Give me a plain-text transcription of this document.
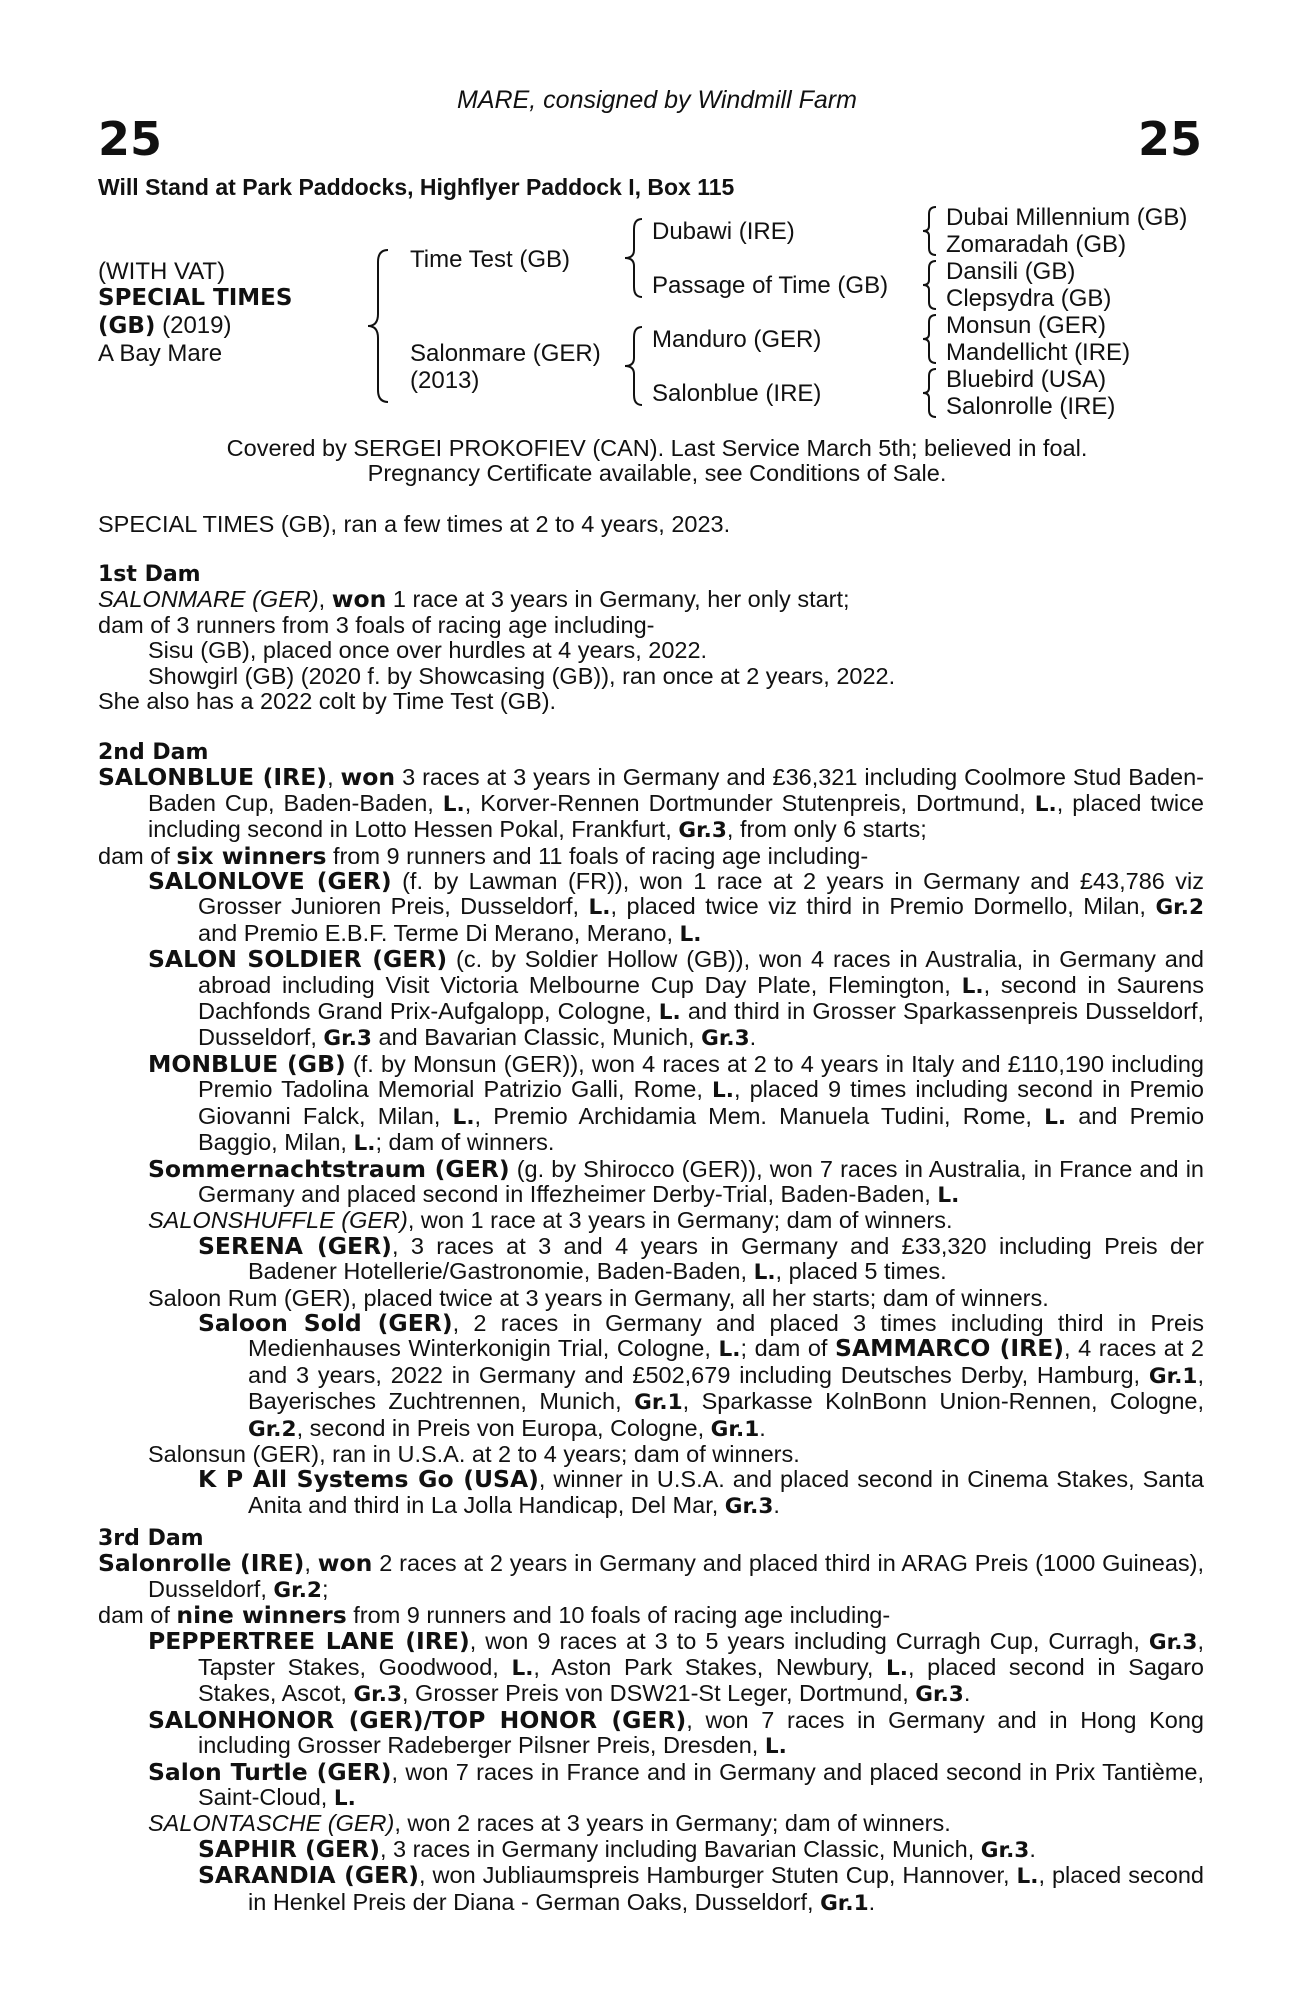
MARE, consigned by Windmill Farm
25	25
Will Stand at Park Paddocks, Highflyer Paddock I, Box 115
(WITH VAT)
SPECIAL TIMES
(GB) (2019)
A Bay Mare
Time Test (GB)
Salonmare (GER)
(2013)
Dubawi (IRE)
Passage of Time (GB)
Manduro (GER)
Salonblue (IRE)
Dubai Millennium (GB)
Zomaradah (GB)
Dansili (GB)
Clepsydra (GB)
Monsun (GER)
Mandellicht (IRE)
Bluebird (USA)
Salonrolle (IRE)
Covered by SERGEI PROKOFIEV (CAN). Last Service March 5th; believed in foal.
Pregnancy Certificate available, see Conditions of Sale.
SPECIAL TIMES (GB), ran a few times at 2 to 4 years, 2023.

1st Dam

SALONMARE (GER), won 1 race at 3 years in Germany, her only start;

dam of 3 runners from 3 foals of racing age including-

Sisu (GB), placed once over hurdles at 4 years, 2022.

Showgirl (GB) (2020 f. by Showcasing (GB)), ran once at 2 years, 2022.

She also has a 2022 colt by Time Test (GB).

2nd Dam

SALONBLUE (IRE), won 3 races at 3 years in Germany and £36,321 including Coolmore Stud Baden-Baden Cup, Baden-Baden, L., Korver-Rennen Dortmunder Stutenpreis, Dortmund, L., placed twice including second in Lotto Hessen Pokal, Frankfurt, Gr.3, from only 6 starts;

dam of six winners from 9 runners and 11 foals of racing age including-

SALONLOVE (GER) (f. by Lawman (FR)), won 1 race at 2 years in Germany and £43,786 viz Grosser Junioren Preis, Dusseldorf, L., placed twice viz third in Premio Dormello, Milan, Gr.2 and Premio E.B.F. Terme Di Merano, Merano, L.

SALON SOLDIER (GER) (c. by Soldier Hollow (GB)), won 4 races in Australia, in Germany and abroad including Visit Victoria Melbourne Cup Day Plate, Flemington, L., second in Saurens Dachfonds Grand Prix-Aufgalopp, Cologne, L. and third in Grosser Sparkassenpreis Dusseldorf, Dusseldorf, Gr.3 and Bavarian Classic, Munich, Gr.3.

MONBLUE (GB) (f. by Monsun (GER)), won 4 races at 2 to 4 years in Italy and £110,190 including Premio Tadolina Memorial Patrizio Galli, Rome, L., placed 9 times including second in Premio Giovanni Falck, Milan, L., Premio Archidamia Mem. Manuela Tudini, Rome, L. and Premio Baggio, Milan, L.; dam of winners.

Sommernachtstraum (GER) (g. by Shirocco (GER)), won 7 races in Australia, in France and in Germany and placed second in Iffezheimer Derby-Trial, Baden-Baden, L.

SALONSHUFFLE (GER), won 1 race at 3 years in Germany; dam of winners.

SERENA (GER), 3 races at 3 and 4 years in Germany and £33,320 including Preis der Badener Hotellerie/Gastronomie, Baden-Baden, L., placed 5 times.

Saloon Rum (GER), placed twice at 3 years in Germany, all her starts; dam of winners.

Saloon Sold (GER), 2 races in Germany and placed 3 times including third in Preis Medienhauses Winterkonigin Trial, Cologne, L.; dam of SAMMARCO (IRE), 4 races at 2 and 3 years, 2022 in Germany and £502,679 including Deutsches Derby, Hamburg, Gr.1, Bayerisches Zuchtrennen, Munich, Gr.1, Sparkasse KolnBonn Union-Rennen, Cologne, Gr.2, second in Preis von Europa, Cologne, Gr.1.

Salonsun (GER), ran in U.S.A. at 2 to 4 years; dam of winners.

K P All Systems Go (USA), winner in U.S.A. and placed second in Cinema Stakes, Santa Anita and third in La Jolla Handicap, Del Mar, Gr.3.

3rd Dam

Salonrolle (IRE), won 2 races at 2 years in Germany and placed third in ARAG Preis (1000 Guineas), Dusseldorf, Gr.2;

dam of nine winners from 9 runners and 10 foals of racing age including-

PEPPERTREE LANE (IRE), won 9 races at 3 to 5 years including Curragh Cup, Curragh, Gr.3, Tapster Stakes, Goodwood, L., Aston Park Stakes, Newbury, L., placed second in Sagaro Stakes, Ascot, Gr.3, Grosser Preis von DSW21-St Leger, Dortmund, Gr.3.

SALONHONOR (GER)/TOP HONOR (GER), won 7 races in Germany and in Hong Kong including Grosser Radeberger Pilsner Preis, Dresden, L.

Salon Turtle (GER), won 7 races in France and in Germany and placed second in Prix Tantième, Saint-Cloud, L.

SALONTASCHE (GER), won 2 races at 3 years in Germany; dam of winners.

SAPHIR (GER), 3 races in Germany including Bavarian Classic, Munich, Gr.3.

SARANDIA (GER), won Jubliaumspreis Hamburger Stuten Cup, Hannover, L., placed second in Henkel Preis der Diana - German Oaks, Dusseldorf, Gr.1.
